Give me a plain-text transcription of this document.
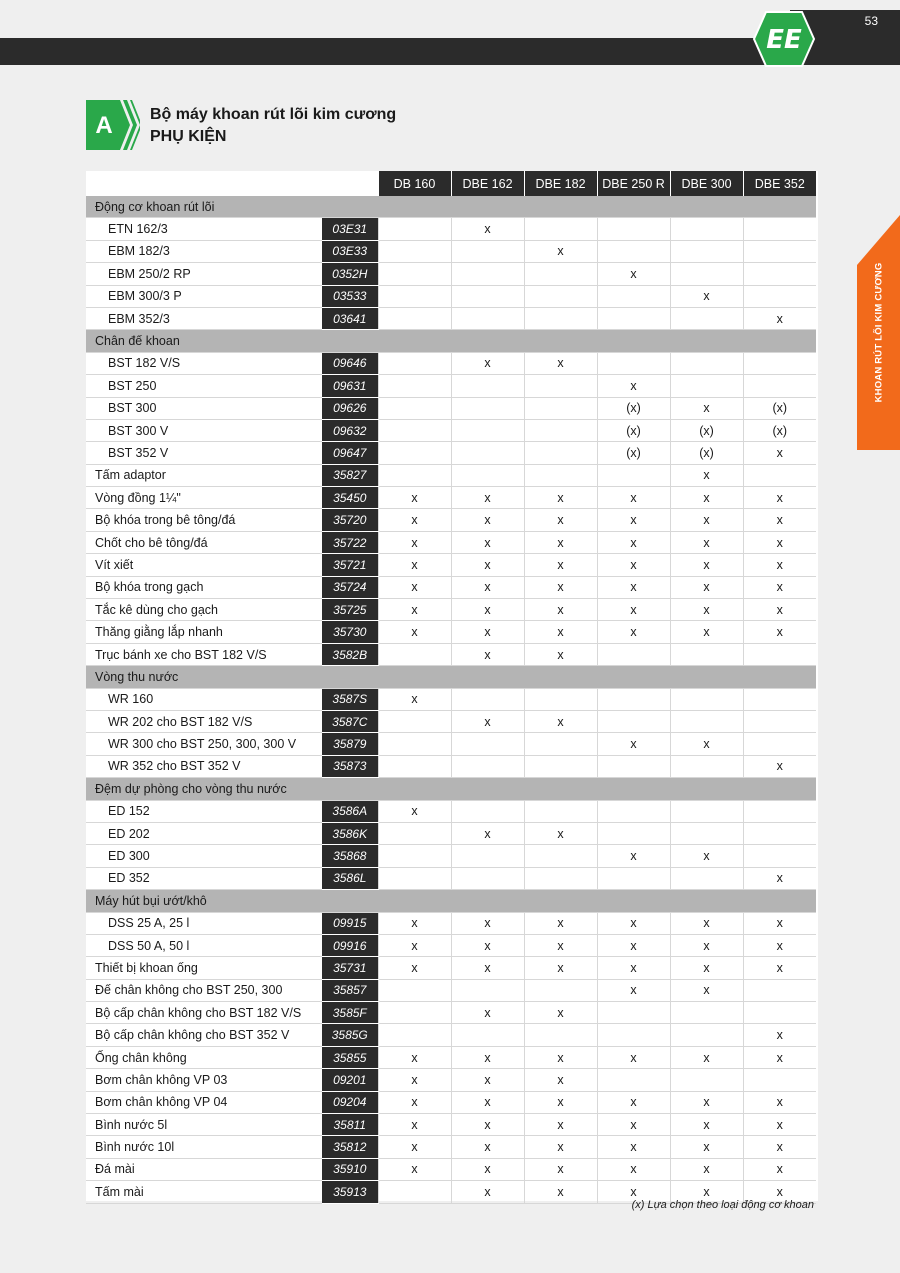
53
EE
A Bộ máy khoan rút lõi kim cương
PHỤ KIỆN
KHOAN RÚT LÕI KIM CƯƠNG
		DB 160	DBE 162	DBE 182	DBE 250 R	DBE 300	DBE 352
Động cơ khoan rút lõi							
ETN 162/3	03E31		x				
EBM 182/3	03E33			x			
EBM 250/2 RP	0352H				x		
EBM 300/3 P	03533					x	
EBM 352/3	03641						x
Chân đế khoan							
BST 182 V/S	09646		x	x			
BST 250	09631				x		
BST 300	09626				(x)	x	(x)
BST 300 V	09632				(x)	(x)	(x)
BST 352 V	09647				(x)	(x)	x
Tấm adaptor	35827					x	
Vòng đồng 1¼"	35450	x	x	x	x	x	x
Bộ khóa trong bê tông/đá	35720	x	x	x	x	x	x
Chốt cho bê tông/đá	35722	x	x	x	x	x	x
Vít xiết	35721	x	x	x	x	x	x
Bộ khóa trong gạch	35724	x	x	x	x	x	x
Tắc kê dùng cho gạch	35725	x	x	x	x	x	x
Thăng giằng lắp nhanh	35730	x	x	x	x	x	x
Trục bánh xe cho BST 182 V/S	3582B		x	x			
Vòng thu nước							
WR 160	3587S	x					
WR 202 cho BST 182 V/S	3587C		x	x			
WR 300 cho BST 250, 300, 300 V	35879				x	x	
WR 352 cho BST 352 V	35873						x
Đệm dự phòng cho vòng thu nước							
ED 152	3586A	x					
ED 202	3586K		x	x			
ED 300	35868				x	x	
ED 352	3586L						x
Máy hút bụi ướt/khô							
DSS 25 A, 25 l	09915	x	x	x	x	x	x
DSS 50 A, 50 l	09916	x	x	x	x	x	x
Thiết bị khoan ống	35731	x	x	x	x	x	x
Đế chân không cho BST 250, 300	35857				x	x	
Bộ cấp chân không cho BST 182 V/S	3585F		x	x			
Bộ cấp chân không cho BST 352 V	3585G						x
Ống chân không	35855	x	x	x	x	x	x
Bơm chân không VP 03	09201	x	x	x			
Bơm chân không VP 04	09204	x	x	x	x	x	x
Bình nước 5l	35811	x	x	x	x	x	x
Bình nước 10l	35812	x	x	x	x	x	x
Đá mài	35910	x	x	x	x	x	x
Tấm mài	35913		x	x	x	x	x
(x) Lựa chọn theo loại động cơ khoan
